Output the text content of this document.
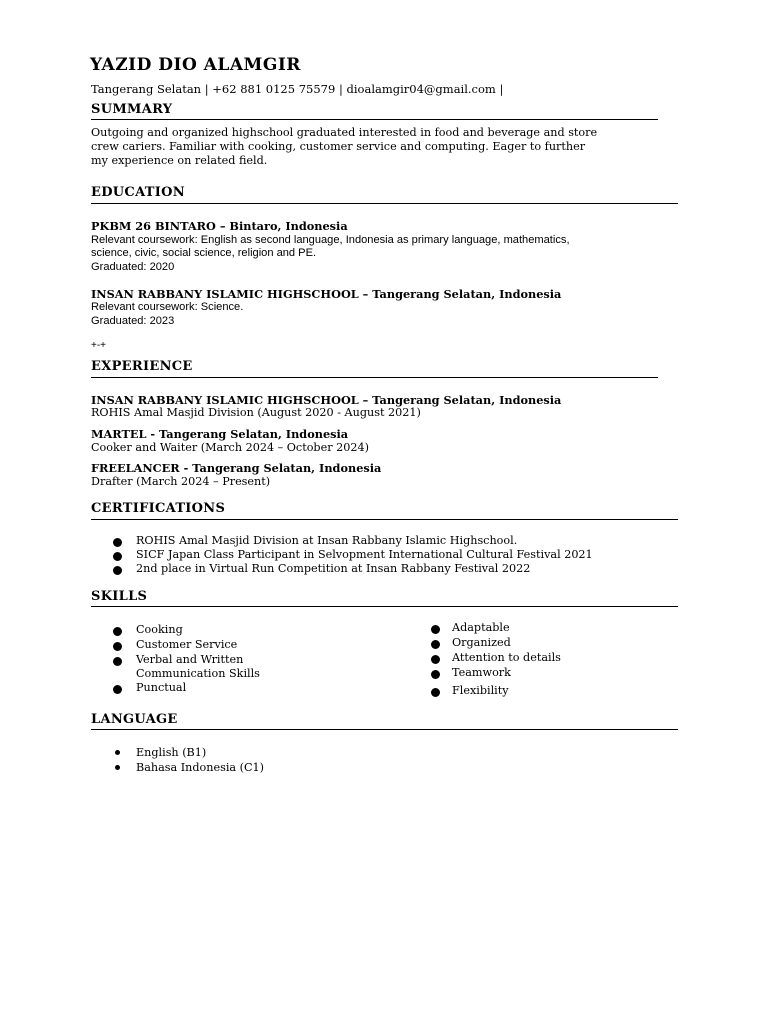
YAZID DIO ALAMGIR
Tangerang Selatan | +62 881 0125 75579 | dioalamgir04@gmail.com |
SUMMARY
Outgoing and organized highschool graduated interested in food and beverage and store
crew cariers. Familiar with cooking, customer service and computing. Eager to further
my experience on related field.
EDUCATION
PKBM 26 BINTARO – Bintaro, Indonesia
Relevant coursework: English as second language, Indonesia as primary language, mathematics,
science, civic, social science, religion and PE.
Graduated: 2020
INSAN RABBANY ISLAMIC HIGHSCHOOL – Tangerang Selatan, Indonesia
Relevant coursework: Science.
Graduated: 2023
+-+
EXPERIENCE
INSAN RABBANY ISLAMIC HIGHSCHOOL – Tangerang Selatan, Indonesia
ROHIS Amal Masjid Division (August 2020 - August 2021)
MARTEL - Tangerang Selatan, Indonesia
Cooker and Waiter (March 2024 – October 2024)
FREELANCER - Tangerang Selatan, Indonesia
Drafter (March 2024 – Present)
CERTIFICATIONS
ROHIS Amal Masjid Division at Insan Rabbany Islamic Highschool.
SICF Japan Class Participant in Selvopment International Cultural Festival 2021
2nd place in Virtual Run Competition at Insan Rabbany Festival 2022
SKILLS
Cooking
Customer Service
Verbal and Written
Communication Skills
Punctual
Adaptable
Organized
Attention to details
Teamwork
Flexibility
LANGUAGE
English (B1)
Bahasa Indonesia (C1)
